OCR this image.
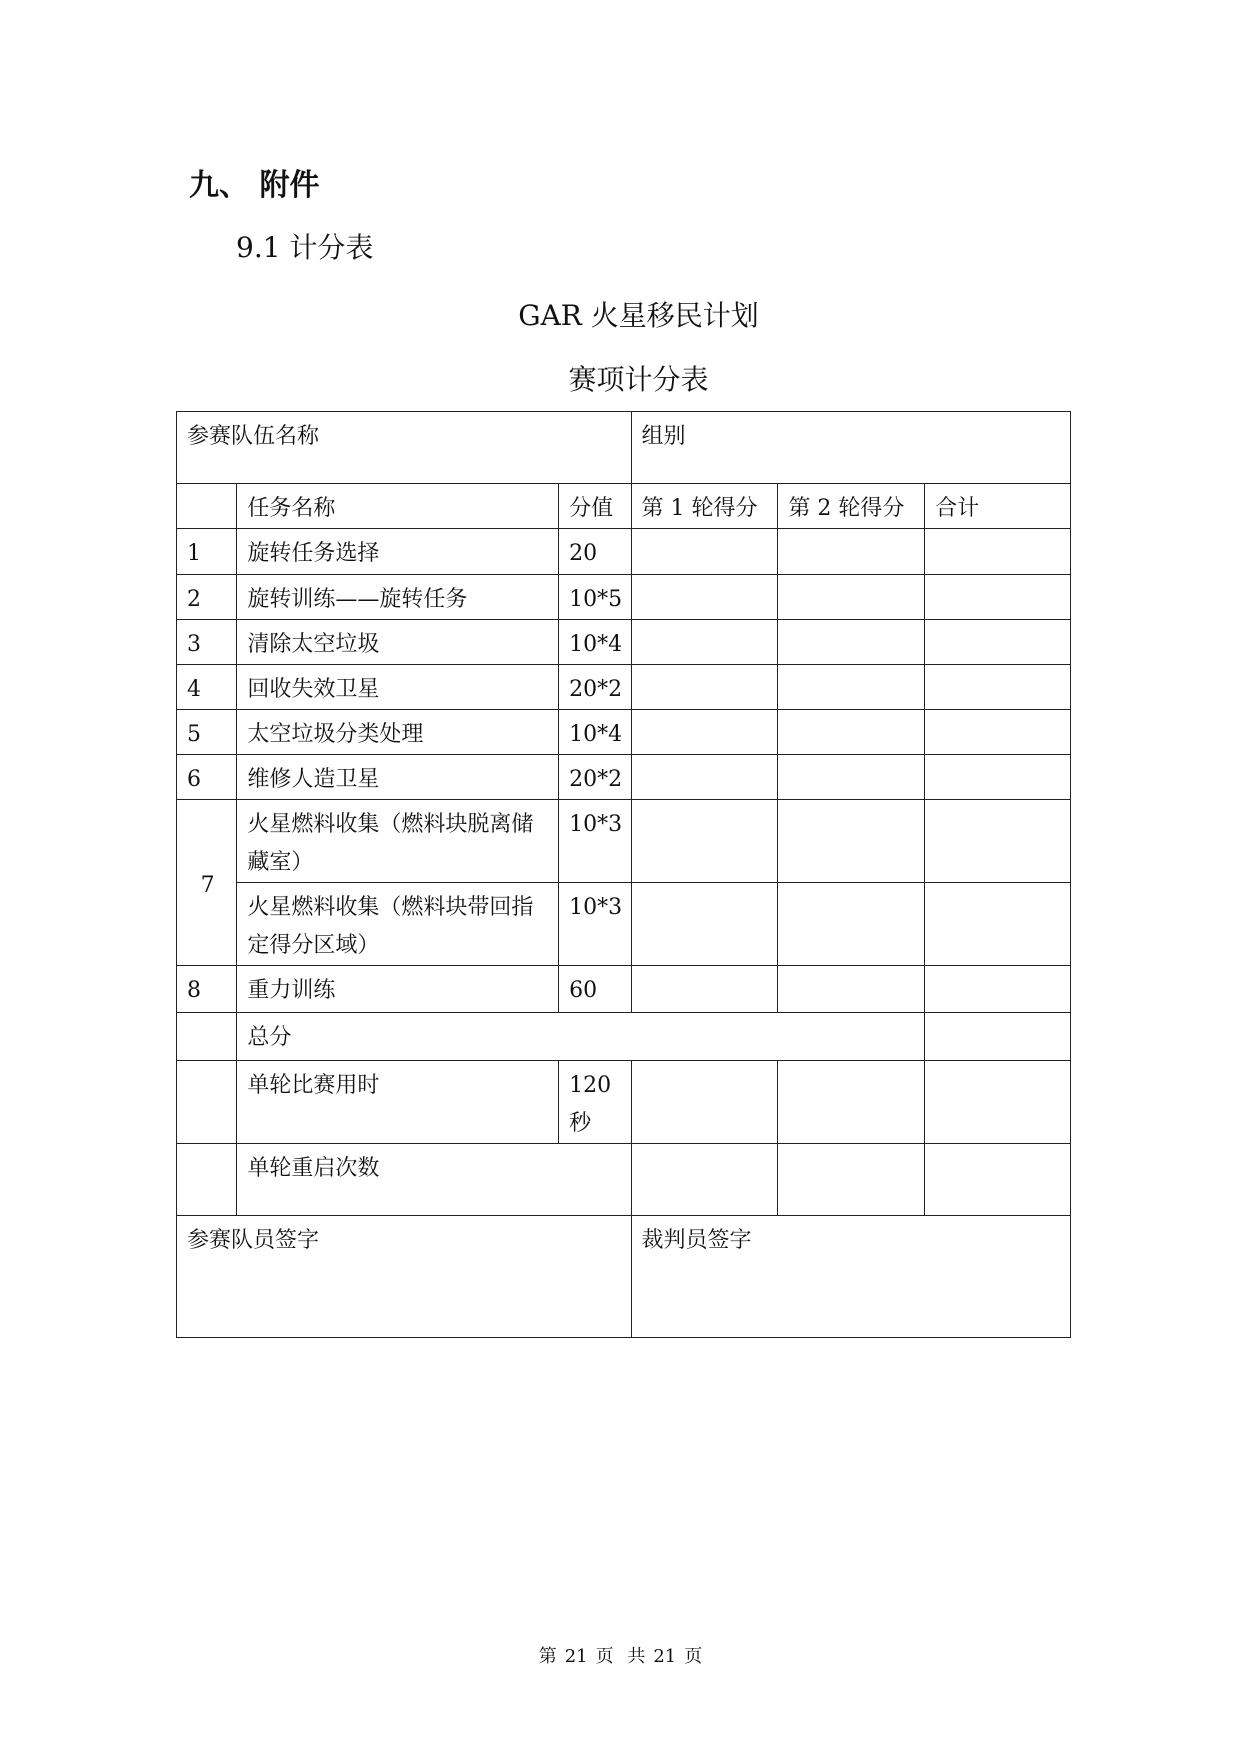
九、 附件
9.1 计分表
GAR 火星移民计划
赛项计分表
参赛队伍名称			组别		
	任务名称	分值	第 1 轮得分	第 2 轮得分	合计
1	旋转任务选择	20			
2	旋转训练——旋转任务	10*5			
3	清除太空垃圾	10*4			
4	回收失效卫星	20*2			
5	太空垃圾分类处理	10*4			
6	维修人造卫星	20*2			
7	火星燃料收集（燃料块脱离储藏室）	10*3			
	火星燃料收集（燃料块带回指定得分区域）	10*3			
8	重力训练	60			
	总分				
	单轮比赛用时	120 秒			
	单轮重启次数				
参赛队员签字			裁判员签字		
第 21 页 共 21 页
